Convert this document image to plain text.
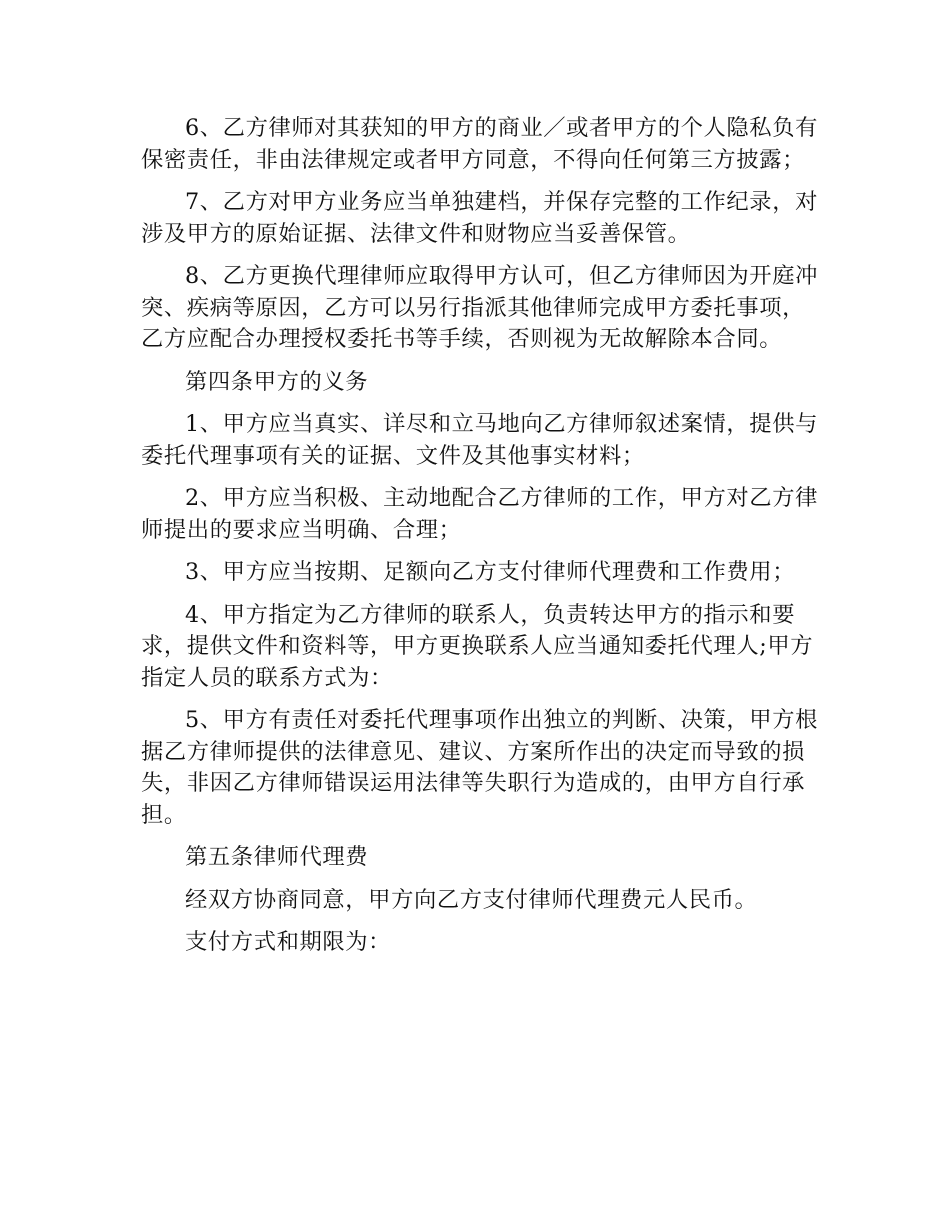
6、乙方律师对其获知的甲方的商业／或者甲方的个人隐私负有保密责任，非由法律规定或者甲方同意，不得向任何第三方披露；

7、乙方对甲方业务应当单独建档，并保存完整的工作纪录，对涉及甲方的原始证据、法律文件和财物应当妥善保管。

8、乙方更换代理律师应取得甲方认可，但乙方律师因为开庭冲突、疾病等原因，乙方可以另行指派其他律师完成甲方委托事项，乙方应配合办理授权委托书等手续，否则视为无故解除本合同。

第四条甲方的义务

1、甲方应当真实、详尽和立马地向乙方律师叙述案情，提供与委托代理事项有关的证据、文件及其他事实材料；

2、甲方应当积极、主动地配合乙方律师的工作，甲方对乙方律师提出的要求应当明确、合理；

3、甲方应当按期、足额向乙方支付律师代理费和工作费用；

4、甲方指定为乙方律师的联系人，负责转达甲方的指示和要求，提供文件和资料等，甲方更换联系人应当通知委托代理人;甲方指定人员的联系方式为：

5、甲方有责任对委托代理事项作出独立的判断、决策，甲方根据乙方律师提供的法律意见、建议、方案所作出的决定而导致的损失，非因乙方律师错误运用法律等失职行为造成的，由甲方自行承担。

第五条律师代理费

经双方协商同意，甲方向乙方支付律师代理费元人民币。

支付方式和期限为：
